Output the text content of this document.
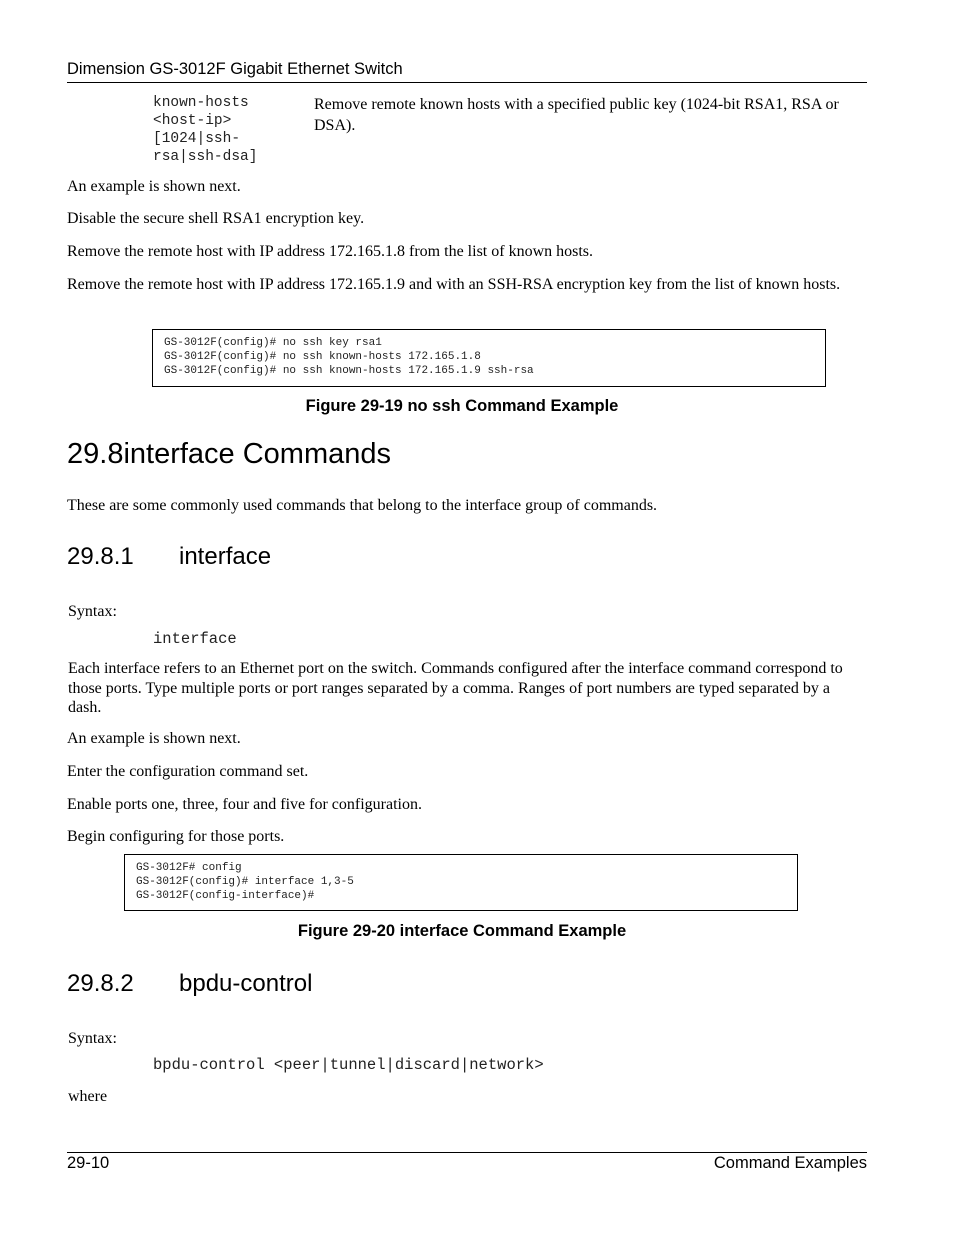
Dimension GS-3012F Gigabit Ethernet Switch
known-hosts
<host-ip>
[1024|ssh-
rsa|ssh-dsa]
Remove remote known hosts with a specified public key (1024-bit RSA1, RSA or DSA).
An example is shown next.
Disable the secure shell RSA1 encryption key.
Remove the remote host with IP address 172.165.1.8 from the list of known hosts.
Remove the remote host with IP address 172.165.1.9 and with an SSH-RSA encryption key from the list of known hosts.
GS-3012F(config)# no ssh key rsa1
GS-3012F(config)# no ssh known-hosts 172.165.1.8
GS-3012F(config)# no ssh known-hosts 172.165.1.9 ssh-rsa
Figure 29-19 no ssh Command Example
29.8interface Commands
These are some commonly used commands that belong to the interface group of commands.
29.8.1 interface
Syntax:
interface
Each interface refers to an Ethernet port on the switch. Commands configured after the interface command correspond to those ports. Type multiple ports or port ranges separated by a comma. Ranges of port numbers are typed separated by a dash.
An example is shown next.
Enter the configuration command set.
Enable ports one, three, four and five for configuration.
Begin configuring for those ports.
GS-3012F# config
GS-3012F(config)# interface 1,3-5
GS-3012F(config-interface)#
Figure 29-20 interface Command Example
29.8.2 bpdu-control
Syntax:
bpdu-control <peer|tunnel|discard|network>
where
29-10	Command Examples
